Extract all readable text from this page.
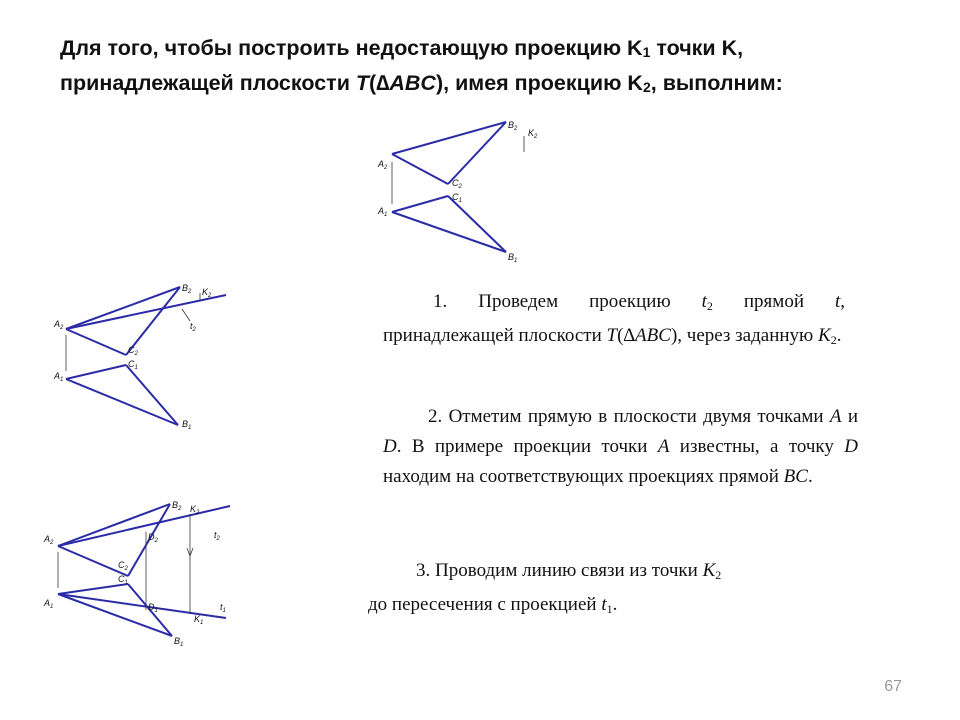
Для того, чтобы построить недостающую проекцию $K_1$ точки K, принадлежащей плоскости T(∆ABC), имея проекцию $K_2$, выполним:
$B_2$ $K_2$
$A_2$
$C_2$
$C_1$
$A_1$
$B_1$
$B_2$ $K_2$
$t_2$
$A_2$
$C_2$
$C_1$
$A_1$
$B_1$
$B_2$ $K_2$
$t_2$
$A_2$
$D_2$
$C_2$
$C_1$
$A_1$	$D_1$
$K_1$
$t_1$
$B_1$

1. Проведем проекцию $t_2$ прямой t, принадлежащей плоскости T(∆ABC), через заданную $K_2$.

2. Отметим прямую в плоскости двумя точками A и D. В примере проекции точки A известны, а точку D находим на соответствующих проекциях прямой BC.

3. Проводим линию связи из точки $K_2$
до пересечения с проекцией $t_1$.

67
